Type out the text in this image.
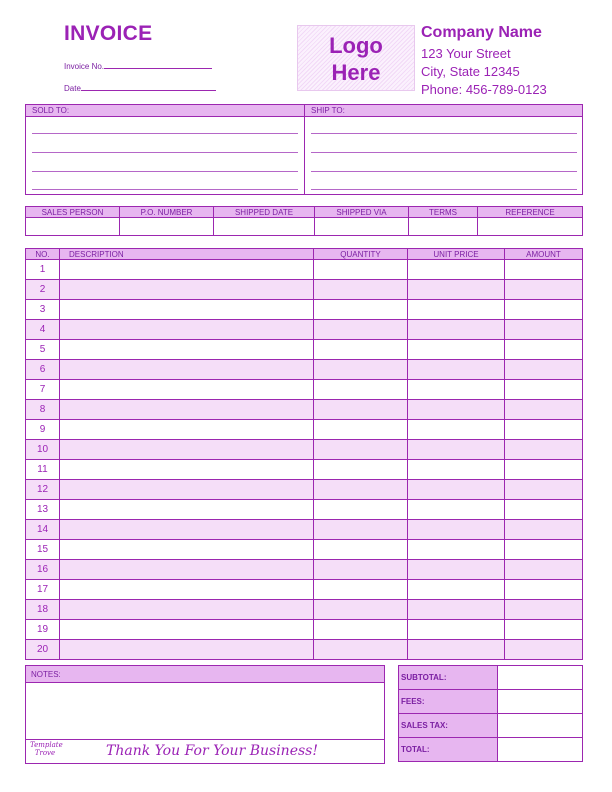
INVOICE
Invoice No.
Date
Logo
Here
Company Name
123 Your Street
City, State 12345
Phone: 456-789-0123
SOLD TO:	SHIP TO:
SALES PERSON	P.O. NUMBER	SHIPPED DATE	SHIPPED VIA	TERMS	REFERENCE

NO.	DESCRIPTION	QUANTITY	UNIT PRICE	AMOUNT
1				
2				
3				
4				
5				
6				
7				
8				
9				
10				
11				
12				
13				
14				
15				
16				
17				
18				
19				
20				
NOTES:
Template
Trove	Thank You For Your Business!
SUBTOTAL:	
FEES:	
SALES TAX:	
TOTAL:	
